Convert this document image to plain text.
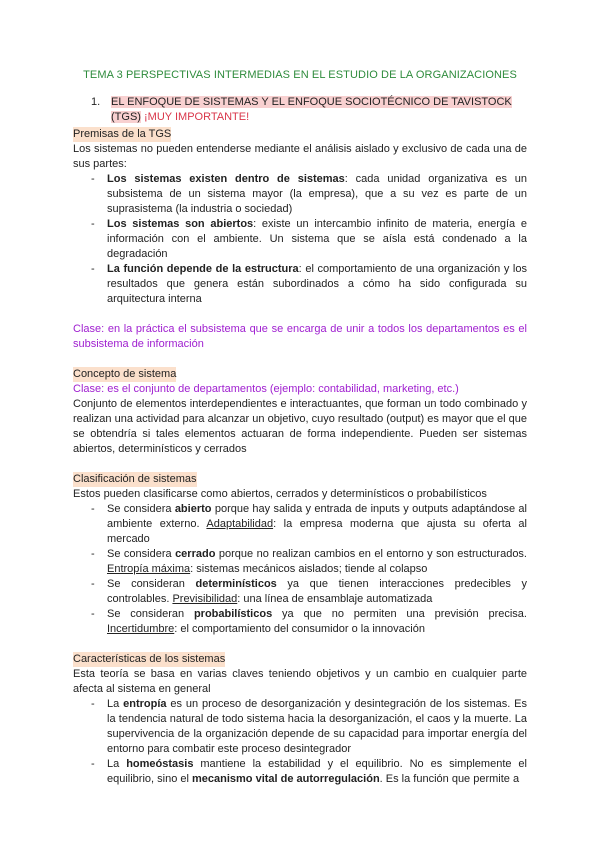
TEMA 3 PERSPECTIVAS INTERMEDIAS EN EL ESTUDIO DE LA ORGANIZACIONES
1. EL ENFOQUE DE SISTEMAS Y EL ENFOQUE SOCIOTÉCNICO DE TAVISTOCK
(TGS) ¡MUY IMPORTANTE!
Premisas de la TGS

Los sistemas no pueden entenderse mediante el análisis aislado y exclusivo de cada una de sus partes:

- Los sistemas existen dentro de sistemas: cada unidad organizativa es un subsistema de un sistema mayor (la empresa), que a su vez es parte de un suprasistema (la industria o sociedad)
- Los sistemas son abiertos: existe un intercambio infinito de materia, energía e información con el ambiente. Un sistema que se aísla está condenado a la degradación
- La función depende de la estructura: el comportamiento de una organización y los resultados que genera están subordinados a cómo ha sido configurada su arquitectura interna

Clase: en la práctica el subsistema que se encarga de unir a todos los departamentos es el subsistema de información

Concepto de sistema

Clase: es el conjunto de departamentos (ejemplo: contabilidad, marketing, etc.)

Conjunto de elementos interdependientes e interactuantes, que forman un todo combinado y realizan una actividad para alcanzar un objetivo, cuyo resultado (output) es mayor que el que se obtendría si tales elementos actuaran de forma independiente. Pueden ser sistemas abiertos, determinísticos y cerrados

Clasificación de sistemas

Estos pueden clasificarse como abiertos, cerrados y determinísticos o probabilísticos

- Se considera abierto porque hay salida y entrada de inputs y outputs adaptándose al ambiente externo. Adaptabilidad: la empresa moderna que ajusta su oferta al mercado
- Se considera cerrado porque no realizan cambios en el entorno y son estructurados. Entropía máxima: sistemas mecánicos aislados; tiende al colapso
- Se consideran determinísticos ya que tienen interacciones predecibles y controlables. Previsibilidad: una línea de ensamblaje automatizada
- Se consideran probabilísticos ya que no permiten una previsión precisa. Incertidumbre: el comportamiento del consumidor o la innovación
Características de los sistemas

Esta teoría se basa en varias claves teniendo objetivos y un cambio en cualquier parte afecta al sistema en general

- La entropía es un proceso de desorganización y desintegración de los sistemas. Es la tendencia natural de todo sistema hacia la desorganización, el caos y la muerte. La supervivencia de la organización depende de su capacidad para importar energía del entorno para combatir este proceso desintegrador
- La homeóstasis mantiene la estabilidad y el equilibrio. No es simplemente el equilibrio, sino el mecanismo vital de autorregulación. Es la función que permite a
